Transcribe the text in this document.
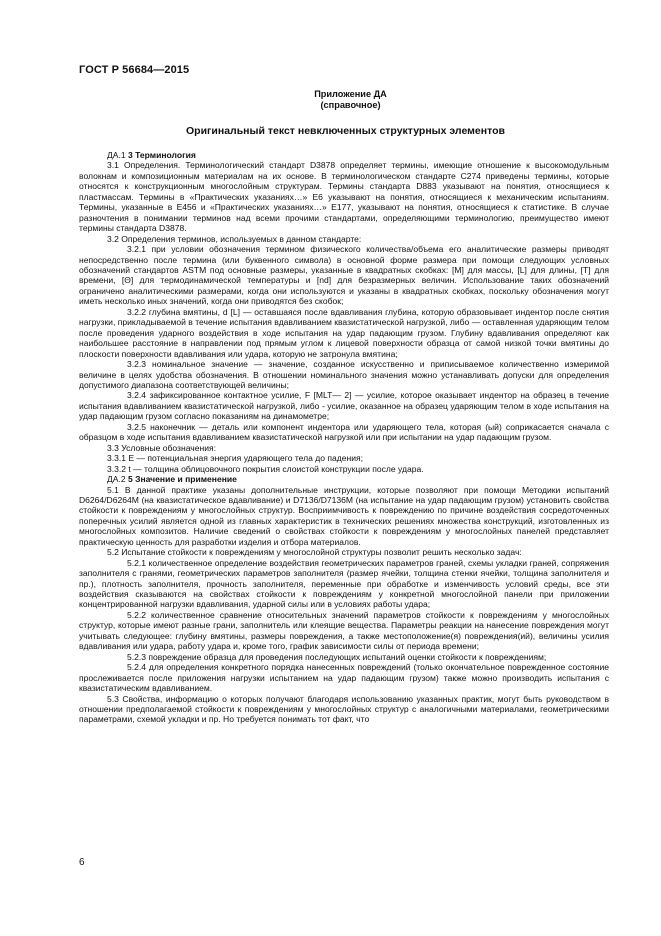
ГОСТ Р 56684—2015
Приложение ДА
(справочное)
Оригинальный текст невключенных структурных элементов

ДА.1 3 Терминология

3.1 Определения. Терминологический стандарт D3878 определяет термины, имеющие отношение к высокомодульным волокнам и композиционным материалам на их основе. В терминологическом стандарте C274 приведены термины, которые относятся к конструкционным многослойным структурам. Термины стандарта D883 указывают на понятия, относящиеся к пластмассам. Термины в «Практических указаниях…» E6 указывают на понятия, относящиеся к механическим испытаниям. Термины, указанные в E456 и «Практических указаниях…» E177, указывают на понятия, относящиеся к статистике. В случае разночтения в понимании терминов над всеми прочими стандартами, определяющими терминологию, преимущество имеют термины стандарта D3878.

3.2 Определения терминов, используемых в данном стандарте:

3.2.1 при условии обозначения термином физического количества/объема его аналитические размеры приводят непосредственно после термина (или буквенного символа) в основной форме размера при помощи следующих условных обозначений стандартов ASTM под основные размеры, указанные в квадратных скобках: [M] для массы, [L] для длины, [T] для времени, [Θ] для термодинамической температуры и [nd] для безразмерных величин. Использование таких обозначений ограничено аналитическими размерами, когда они используются и указаны в квадратных скобках, поскольку обозначения могут иметь несколько иных значений, когда они приводятся без скобок;

3.2.2 глубина вмятины, d [L] — оставшаяся после вдавливания глубина, которую образовывает индентор после снятия нагрузки, прикладываемой в течение испытания вдавливанием квазистатической нагрузкой, либо — оставленная ударяющим телом после проведения ударного воздействия в ходе испытания на удар падающим грузом. Глубину вдавливания определяют как наибольшее расстояние в направлении под прямым углом к лицевой поверхности образца от самой низкой точки вмятины до плоскости поверхности вдавливания или удара, которую не затронула вмятина;

3.2.3 номинальное значение — значение, созданное искусственно и приписываемое количественно измеримой величине в целях удобства обозначения. В отношении номинального значения можно устанавливать допуски для определения допустимого диапазона соответствующей величины;

3.2.4 зафиксированное контактное усилие, F [MLT— 2] — усилие, которое оказывает индентор на образец в течение испытания вдавливанием квазистатической нагрузкой, либо - усилие, оказанное на образец ударяющим телом в ходе испытания на удар падающим грузом согласно показаниям на динамометре;

3.2.5 наконечник — деталь или компонент индентора или ударяющего тела, которая (ый) соприкасается сначала с образцом в ходе испытания вдавливанием квазистатической нагрузкой или при испытании на удар падающим грузом.

3.3 Условные обозначения:

3.3.1 E — потенциальная энергия ударяющего тела до падения;

3.3.2 t — толщина облицовочного покрытия слоистой конструкции после удара.

ДА.2 5 Значение и применение

5.1 В данной практике указаны дополнительные инструкции, которые позволяют при помощи Методики испытаний D6264/D6264M (на квазистатическое вдавливание) и D7136/D7136M (на испытание на удар падающим грузом) установить свойства стойкости к повреждениям у многослойных структур. Восприимчивость к повреждению по причине воздействия сосредоточенных поперечных усилий является одной из главных характеристик в технических решениях множества конструкций, изготовленных из многослойных композитов. Наличие сведений о свойствах стойкости к повреждениям у многослойных панелей представляет практическую ценность для разработки изделия и отбора материалов.

5.2 Испытание стойкости к повреждениям у многослойной структуры позволит решить несколько задач:

5.2.1 количественное определение воздействия геометрических параметров граней, схемы укладки граней, сопряжения заполнителя с гранями, геометрических параметров заполнителя (размер ячейки, толщина стенки ячейки, толщина заполнителя и пр.), плотность заполнителя, прочность заполнителя, переменные при обработке и изменчивость условий среды, все эти воздействия сказываются на свойствах стойкости к повреждениям у конкретной многослойной панели при приложении концентрированной нагрузки вдавливания, ударной силы или в условиях работы удара;

5.2.2 количественное сравнение относительных значений параметров стойкости к повреждениям у многослойных структур, которые имеют разные грани, заполнитель или клеящие вещества. Параметры реакции на нанесение повреждения могут учитывать следующее: глубину вмятины, размеры повреждения, а также местоположение(я) повреждения(ий), величины усилия вдавливания или удара, работу удара и, кроме того, график зависимости силы от периода времени;

5.2.3 повреждение образца для проведения последующих испытаний оценки стойкости к повреждениям;

5.2.4 для определения конкретного порядка нанесенных повреждений (только окончательное поврежденное состояние прослеживается после приложения нагрузки испытанием на удар падающим грузом) также можно производить испытания с квазистатическим вдавливанием.

5.3 Свойства, информацию о которых получают благодаря использованию указанных практик, могут быть руководством в отношении предполагаемой стойкости к повреждениям у многослойных структур с аналогичными материалами, геометрическими параметрами, схемой укладки и пр. Но требуется понимать тот факт, что

6
